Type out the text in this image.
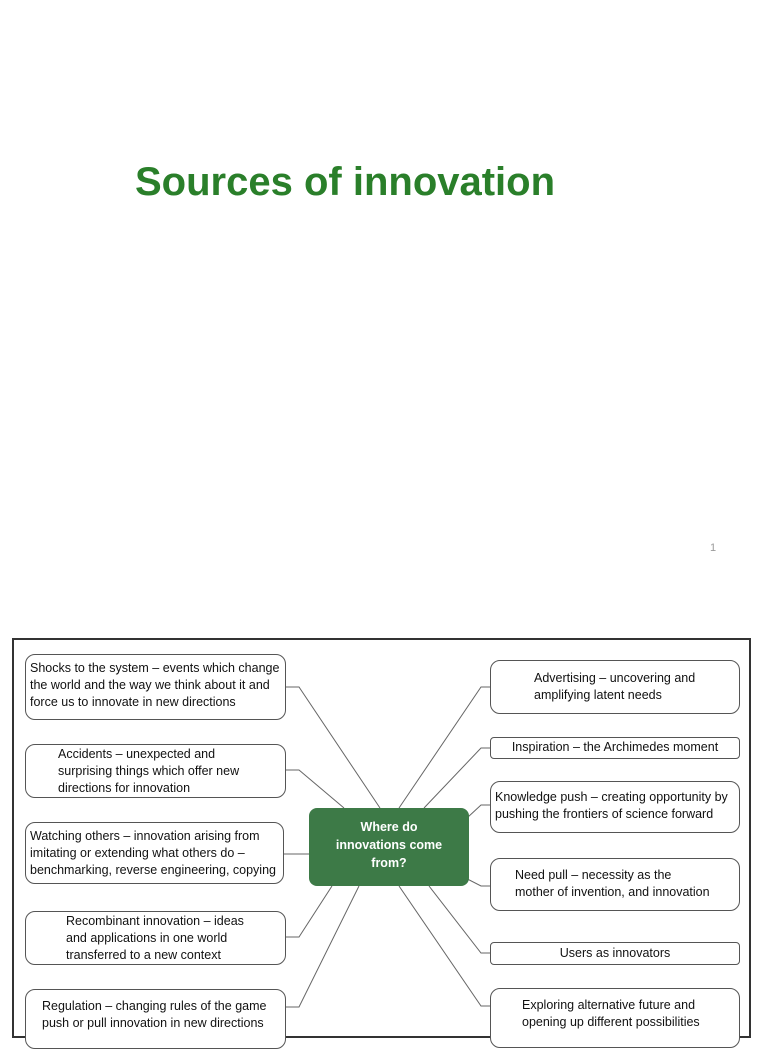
Sources of innovation
1
Shocks to the system – events which change
the world and the way we think about it and
force us to innovate in new directions
Accidents – unexpected and
surprising things which offer new
directions for innovation
Watching others – innovation arising from
imitating or extending what others do –
benchmarking, reverse engineering, copying
Recombinant innovation – ideas
and applications in one world
transferred to a new context
Regulation – changing rules of the game
push or pull innovation in new directions
Where do
innovations come
from?
Advertising – uncovering and
amplifying latent needs
Inspiration – the Archimedes moment
Knowledge push – creating opportunity by
pushing the frontiers of science forward
Need pull – necessity as the
mother of invention, and innovation
Users as innovators
Exploring alternative future and
opening up different possibilities
